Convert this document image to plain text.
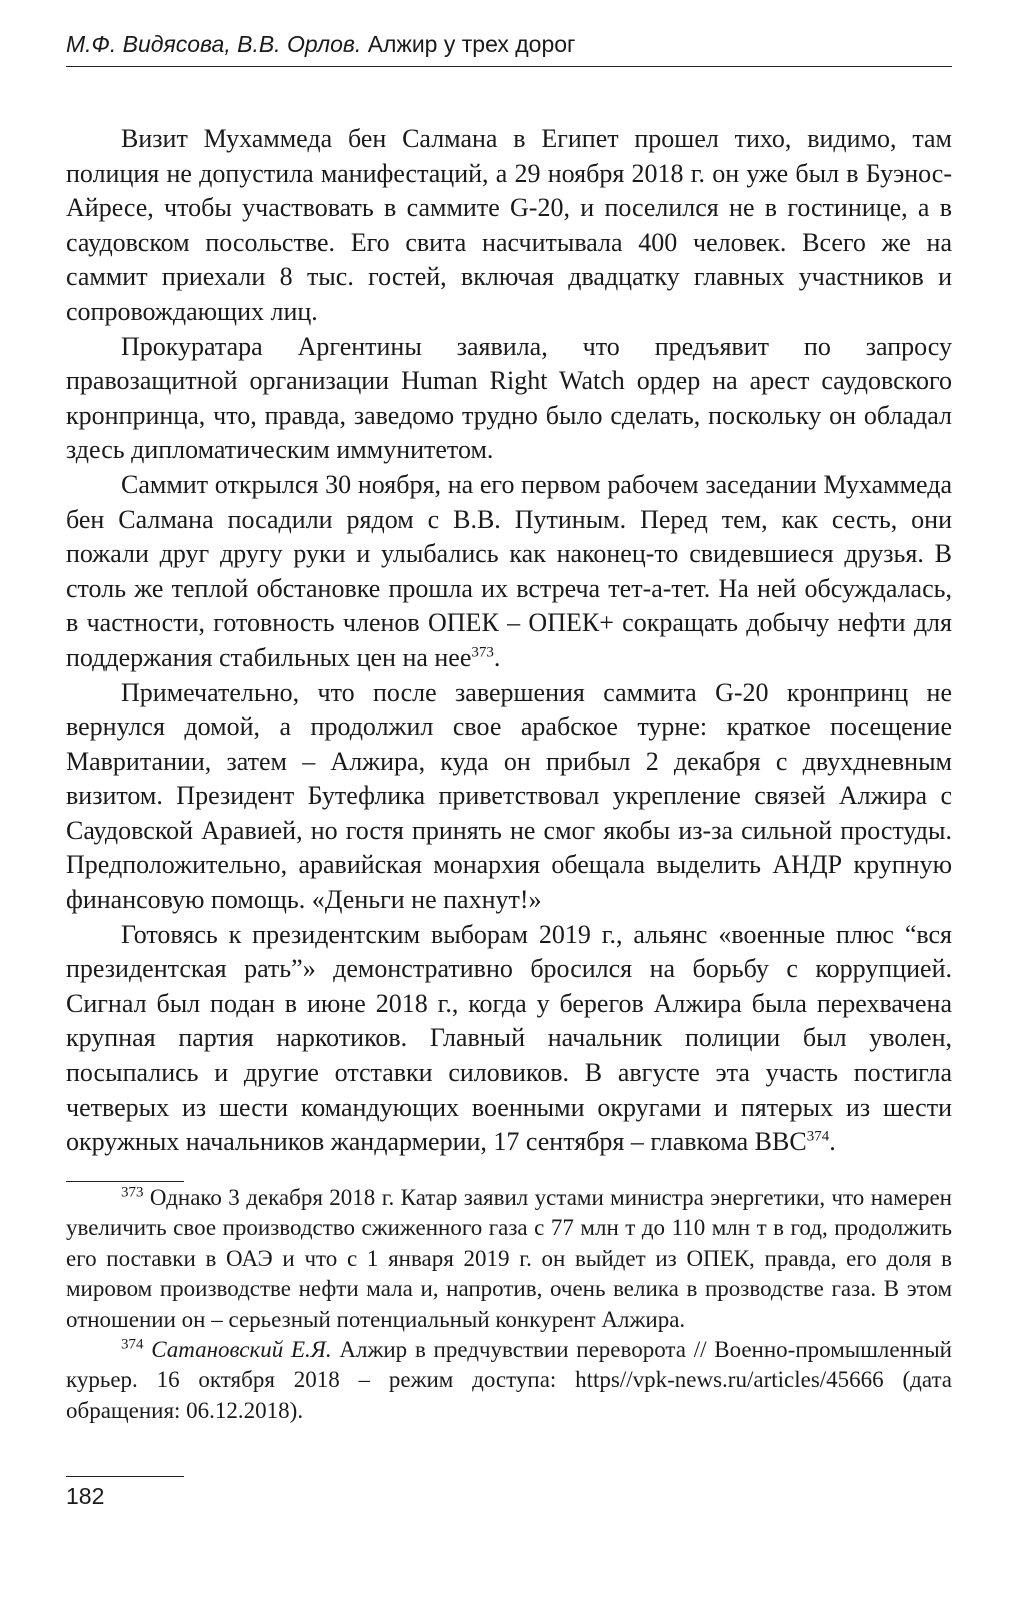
М.Ф. Видясова, В.В. Орлов. Алжир у трех дорог

Визит Мухаммеда бен Салмана в Египет прошел тихо, видимо, там полиция не допустила манифестаций, а 29 ноября 2018 г. он уже был в Буэнос-Айресе, чтобы участвовать в саммите G-20, и поселился не в гостинице, а в саудовском посольстве. Его свита насчитывала 400 человек. Всего же на саммит приехали 8 тыс. гостей, включая двадцатку главных участников и сопровождающих лиц.

Прокуратара Аргентины заявила, что предъявит по запросу правозащитной организации Human Right Watch ордер на арест саудовского кронпринца, что, правда, заведомо трудно было сделать, поскольку он обладал здесь дипломатическим иммунитетом.

Саммит открылся 30 ноября, на его первом рабочем заседании Мухаммеда бен Салмана посадили рядом с В.В. Путиным. Перед тем, как сесть, они пожали друг другу руки и улыбались как наконец-то свидевшиеся друзья. В столь же теплой обстановке прошла их встреча тет-а-тет. На ней обсуждалась, в частности, готовность членов ОПЕК – ОПЕК+ сокращать добычу нефти для поддержания стабильных цен на нее$^{373}$.

Примечательно, что после завершения саммита G-20 кронпринц не вернулся домой, а продолжил свое арабское турне: краткое посещение Мавритании, затем – Алжира, куда он прибыл 2 декабря с двухдневным визитом. Президент Бутефлика приветствовал укрепление связей Алжира с Саудовской Аравией, но гостя принять не смог якобы из-за сильной простуды. Предположительно, аравийская монархия обещала выделить АНДР крупную финансовую помощь. «Деньги не пахнут!»

Готовясь к президентским выборам 2019 г., альянс «военные плюс “вся президентская рать”» демонстративно бросился на борьбу с коррупцией. Сигнал был подан в июне 2018 г., когда у берегов Алжира была перехвачена крупная партия наркотиков. Главный начальник полиции был уволен, посыпались и другие отставки силовиков. В августе эта участь постигла четверых из шести командующих военными округами и пятерых из шести окружных начальников жандармерии, 17 сентября – главкома ВВС$^{374}$.

$^{373}$ Однако 3 декабря 2018 г. Катар заявил устами министра энергетики, что намерен увеличить свое производство сжиженного газа с 77 млн т до 110 млн т в год, продолжить его поставки в ОАЭ и что с 1 января 2019 г. он выйдет из ОПЕК, правда, его доля в мировом производстве нефти мала и, напротив, очень велика в прозводстве газа. В этом отношении он – серьезный потенциальный конкурент Алжира.

$^{374}$ Сатановский Е.Я. Алжир в предчувствии переворота // Военно-промышленный курьер. 16 октября 2018 – режим доступа: https//vpk-news.ru/articles/45666 (дата обращения: 06.12.2018).

182
